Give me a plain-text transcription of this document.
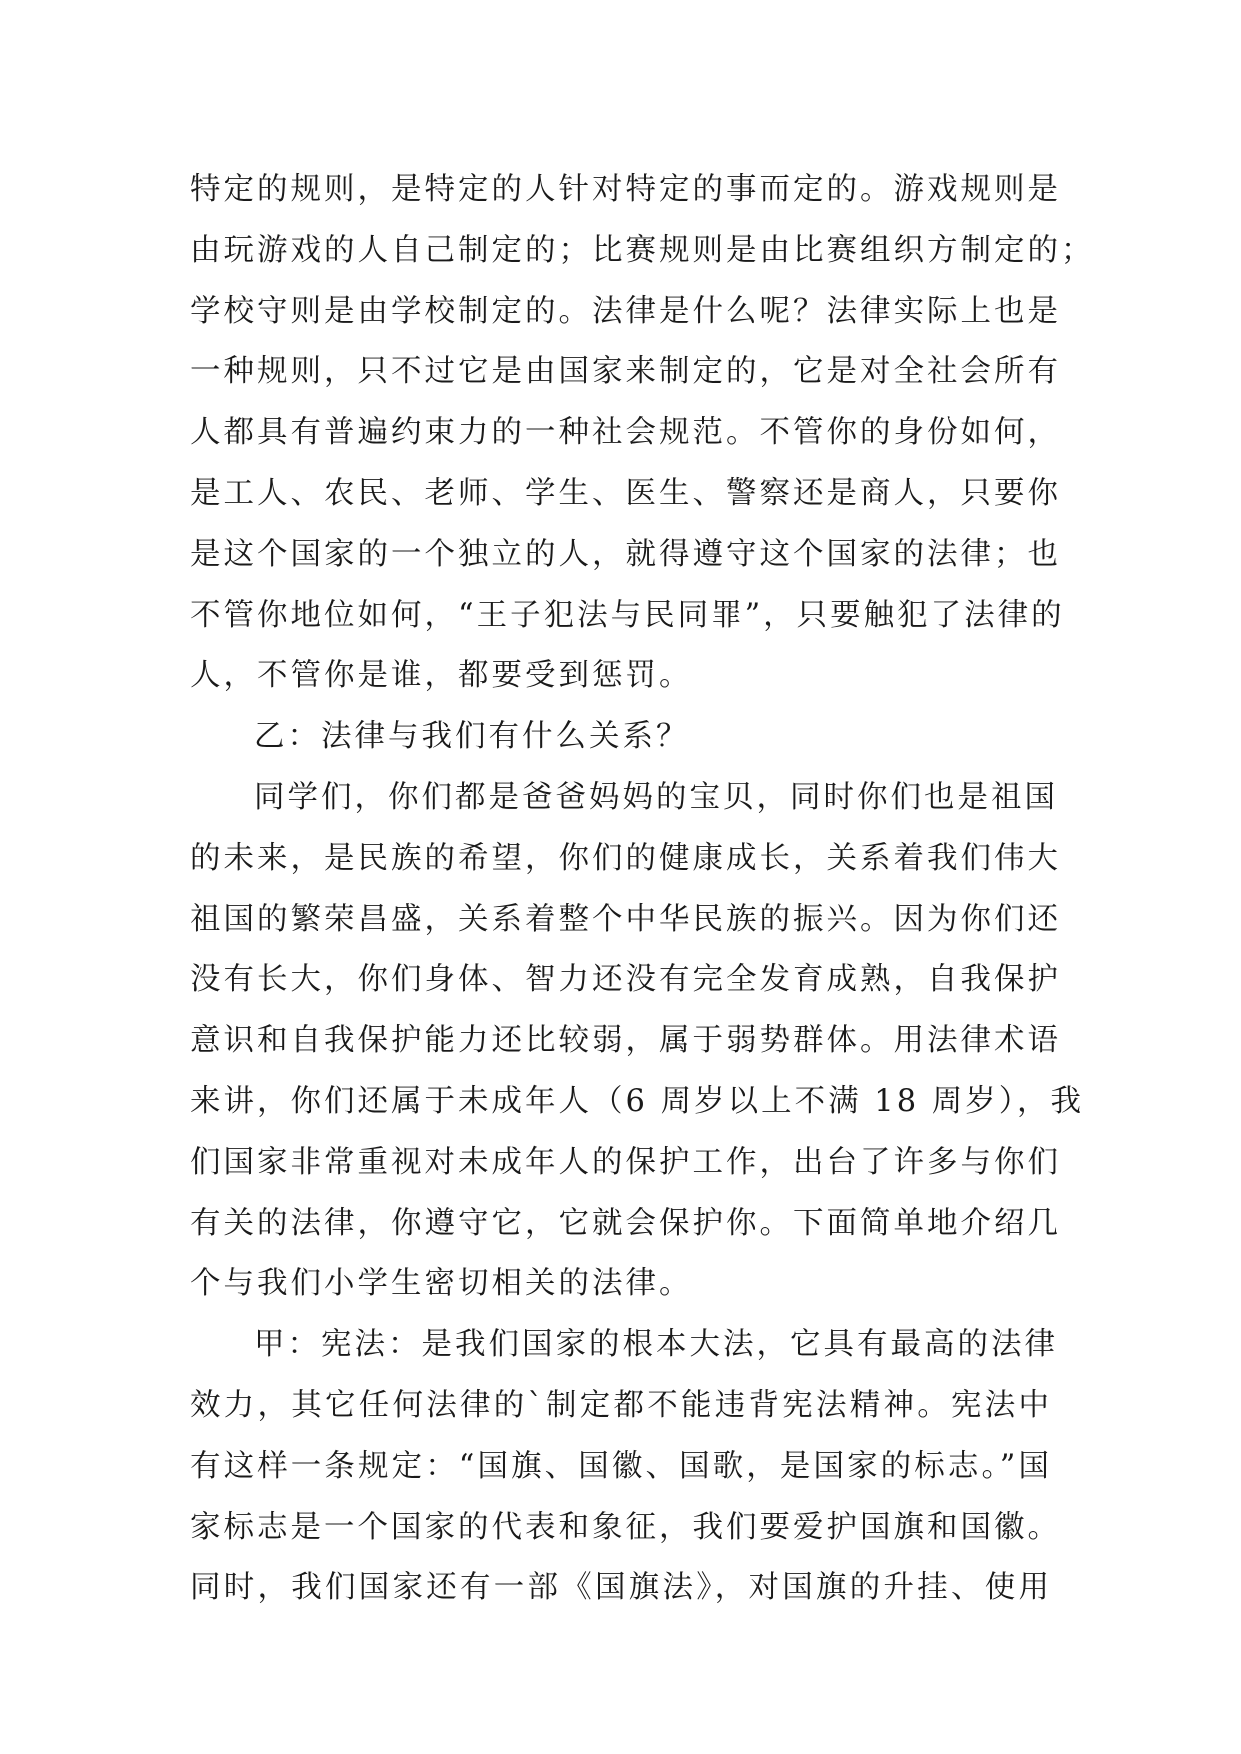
特定的规则，是特定的人针对特定的事而定的。游戏规则是
由玩游戏的人自己制定的；比赛规则是由比赛组织方制定的；
学校守则是由学校制定的。法律是什么呢？法律实际上也是
一种规则，只不过它是由国家来制定的，它是对全社会所有
人都具有普遍约束力的一种社会规范。不管你的身份如何，
是工人、农民、老师、学生、医生、警察还是商人，只要你
是这个国家的一个独立的人，就得遵守这个国家的法律；也
不管你地位如何，“王子犯法与民同罪”，只要触犯了法律的
人，不管你是谁，都要受到惩罚。
乙：法律与我们有什么关系？
同学们，你们都是爸爸妈妈的宝贝，同时你们也是祖国
的未来，是民族的希望，你们的健康成长，关系着我们伟大
祖国的繁荣昌盛，关系着整个中华民族的振兴。因为你们还
没有长大，你们身体、智力还没有完全发育成熟，自我保护
意识和自我保护能力还比较弱，属于弱势群体。用法律术语
来讲，你们还属于未成年人（6 周岁以上不满 18 周岁），我
们国家非常重视对未成年人的保护工作，出台了许多与你们
有关的法律，你遵守它，它就会保护你。下面简单地介绍几
个与我们小学生密切相关的法律。
甲：宪法：是我们国家的根本大法，它具有最高的法律
效力，其它任何法律的`制定都不能违背宪法精神。宪法中
有这样一条规定：“国旗、国徽、国歌，是国家的标志。”国
家标志是一个国家的代表和象征，我们要爱护国旗和国徽。
同时，我们国家还有一部《国旗法》，对国旗的升挂、使用
